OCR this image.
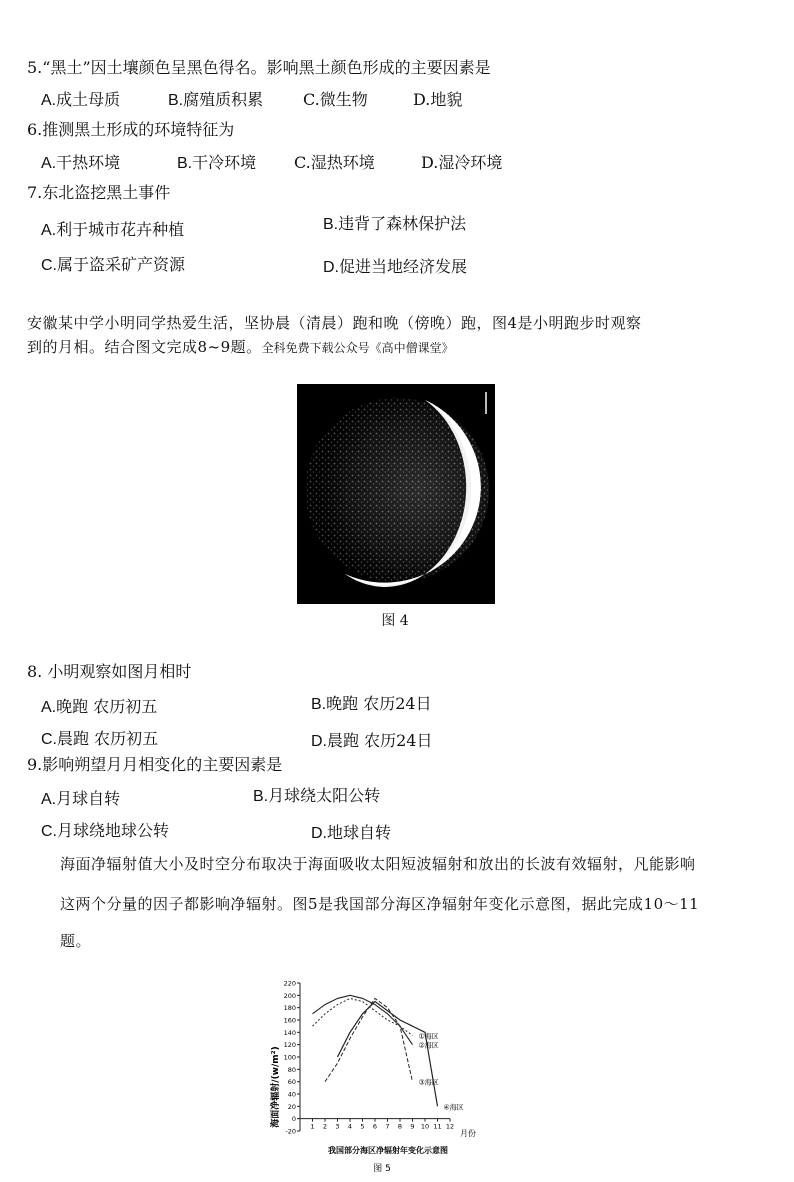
5.“黑土”因土壤颜色呈黑色得名。影响黑土颜色形成的主要因素是
A.成土母质	B.腐殖质积累 C.微生物	D.地貌
6.推测黑土形成的环境特征为
A.干热环境	B.干冷环境 C.湿热环境	D.湿冷环境
7.东北盗挖黑土事件
A.利于城市花卉种植	B.违背了森林保护法
C.属于盗采矿产资源	D.促进当地经济发展
安徽某中学小明同学热爱生活，坚协晨（清晨）跑和晚（傍晚）跑，图4是小明跑步时观察
到的月相。结合图文完成8~9题。全科免费下载公众号《高中僧课堂》
图 4
8. 小明观察如图月相时
A.晚跑 农历初五	B.晚跑 农历24日
C.晨跑 农历初五	D.晨跑 农历24日
9.影响朔望月月相变化的主要因素是
A.月球自转	B.月球绕太阳公转
C.月球绕地球公转	D.地球自转
海面净辐射值大小及时空分布取决于海面吸收太阳短波辐射和放出的长波有效辐射，凡能影响
这两个分量的因子都影响净辐射。图5是我国部分海区净辐射年变化示意图，据此完成10～11
题。
-20
0
20
40
60
80
100
120
140
160
180
200
220
1 2 3 4 5 6 7 8 9 10 11 12
①海区
②海区
③海区
④海区
海面净辐射/(w/m²)
月份
我国部分海区净辐射年变化示意图
图 5
